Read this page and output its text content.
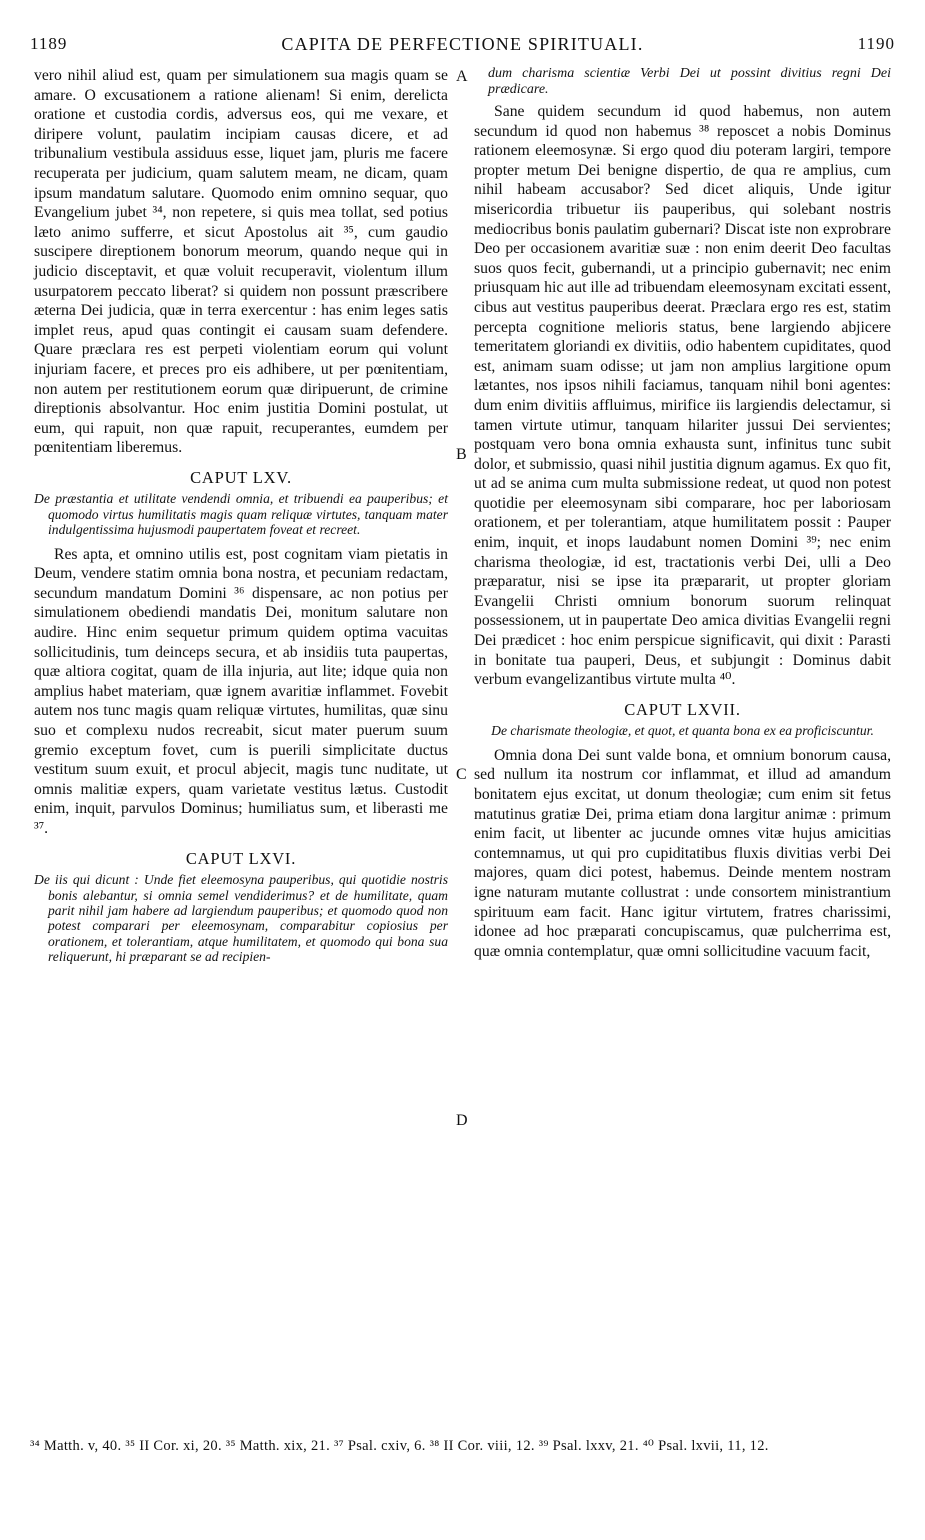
1189	CAPITA DE PERFECTIONE SPIRITUALI.	1190

vero nihil aliud est, quam per simulationem sua magis quam se amare. O excusationem a ratione alienam! Si enim, derelicta oratione et custodia cordis, adversus eos, qui me vexare, et diripere volunt, paulatim incipiam causas dicere, et ad tribunalium vestibula assiduus esse, liquet jam, pluris me facere recuperata per judicium, quam salutem meam, ne dicam, quam ipsum mandatum salutare. Quomodo enim omnino sequar, quo Evangelium jubet ³⁴, non repetere, si quis mea tollat, sed potius læto animo sufferre, et sicut Apostolus ait ³⁵, cum gaudio suscipere direptionem bonorum meorum, quando neque qui in judicio disceptavit, et quæ voluit recuperavit, violentum illum usurpatorem peccato liberat? si quidem non possunt præscribere æterna Dei judicia, quæ in terra exercentur : has enim leges satis implet reus, apud quas contingit ei causam suam defendere. Quare præclara res est perpeti violentiam eorum qui volunt injuriam facere, et preces pro eis adhibere, ut per pœnitentiam, non autem per restitutionem eorum quæ diripuerunt, de crimine direptionis absolvantur. Hoc enim justitia Domini postulat, ut eum, qui rapuit, non quæ rapuit, recuperantes, eumdem per pœnitentiam liberemus.

CAPUT LXV.
De præstantia et utilitate vendendi omnia, et tribuendi ea pauperibus; et quomodo virtus humilitatis magis quam reliquæ virtutes, tanquam mater indulgentissima hujusmodi paupertatem foveat et recreet.

Res apta, et omnino utilis est, post cognitam viam pietatis in Deum, vendere statim omnia bona nostra, et pecuniam redactam, secundum mandatum Domini ³⁶ dispensare, ac non potius per simulationem obediendi mandatis Dei, monitum salutare non audire. Hinc enim sequetur primum quidem optima vacuitas sollicitudinis, tum deinceps secura, et ab insidiis tuta paupertas, quæ altiora cogitat, quam de illa injuria, aut lite; idque quia non amplius habet materiam, quæ ignem avaritiæ inflammet. Fovebit autem nos tunc magis quam reliquæ virtutes, humilitas, quæ sinu suo et complexu nudos recreabit, sicut mater puerum suum gremio exceptum fovet, cum is puerili simplicitate ductus vestitum suum exuit, et procul abjecit, magis tunc nuditate, ut omnis malitiæ expers, quam varietate vestitus lætus. Custodit enim, inquit, parvulos Dominus; humiliatus sum, et liberasti me ³⁷.

CAPUT LXVI.
De iis qui dicunt : Unde fiet eleemosyna pauperibus, qui quotidie nostris bonis alebantur, si omnia semel vendiderimus? et de humilitate, quam parit nihil jam habere ad largiendum pauperibus; et quomodo quod non potest comparari per eleemosynam, comparabitur copiosius per orationem, et tolerantiam, atque humilitatem, et quomodo qui bona sua reliquerunt, hi præparant se ad recipien-

dum charisma scientiæ Verbi Dei ut possint divitius regni Dei prædicare.

Sane quidem secundum id quod habemus, non autem secundum id quod non habemus ³⁸ reposcet a nobis Dominus rationem eleemosynæ. Si ergo quod diu poteram largiri, tempore propter metum Dei benigne dispertio, de qua re amplius, cum nihil habeam accusabor? Sed dicet aliquis, Unde igitur misericordia tribuetur iis pauperibus, qui solebant nostris mediocribus bonis paulatim gubernari? Discat iste non exprobrare Deo per occasionem avaritiæ suæ : non enim deerit Deo facultas suos quos fecit, gubernandi, ut a principio gubernavit; nec enim priusquam hic aut ille ad tribuendam eleemosynam excitati essent, cibus aut vestitus pauperibus deerat. Præclara ergo res est, statim percepta cognitione melioris status, bene largiendo abjicere temeritatem gloriandi ex divitiis, odio habentem cupiditates, quod est, animam suam odisse; ut jam non amplius largitione opum lætantes, nos ipsos nihili faciamus, tanquam nihil boni agentes: dum enim divitiis affluimus, mirifice iis largiendis delectamur, si tamen virtute utimur, tanquam hilariter jussui Dei servientes; postquam vero bona omnia exhausta sunt, infinitus tunc subit dolor, et submissio, quasi nihil justitia dignum agamus. Ex quo fit, ut ad se anima cum multa submissione redeat, ut quod non potest quotidie per eleemosynam sibi comparare, hoc per laboriosam orationem, et per tolerantiam, atque humilitatem possit : Pauper enim, inquit, et inops laudabunt nomen Domini ³⁹; nec enim charisma theologiæ, id est, tractationis verbi Dei, ulli a Deo præparatur, nisi se ipse ita præpararit, ut propter gloriam Evangelii Christi omnium bonorum suorum relinquat possessionem, ut in paupertate Deo amica divitias Evangelii regni Dei prædicet : hoc enim perspicue significavit, qui dixit : Parasti in bonitate tua pauperi, Deus, et subjungit : Dominus dabit verbum evangelizantibus virtute multa ⁴⁰.

CAPUT LXVII.
De charismate theologiæ, et quot, et quanta bona ex ea proficiscuntur.

Omnia dona Dei sunt valde bona, et omnium bonorum causa, sed nullum ita nostrum cor inflammat, et illud ad amandum bonitatem ejus excitat, ut donum theologiæ; cum enim sit fetus matutinus gratiæ Dei, prima etiam dona largitur animæ : primum enim facit, ut libenter ac jucunde omnes vitæ hujus amicitias contemnamus, ut qui pro cupiditatibus fluxis divitias verbi Dei majores, quam dici potest, habemus. Deinde mentem nostram igne naturam mutante collustrat : unde consortem ministrantium spirituum eam facit. Hanc igitur virtutem, fratres charissimi, idonee ad hoc præparati concupiscamus, quæ pulcherrima est, quæ omnia contemplatur, quæ omni sollicitudine vacuum facit,

A
B
C
D
³⁴ Matth. v, 40. ³⁵ II Cor. xi, 20. ³⁵ Matth. xix, 21. ³⁷ Psal. cxiv, 6. ³⁸ II Cor. viii, 12. ³⁹ Psal. lxxv, 21. ⁴⁰ Psal. lxvii, 11, 12.
